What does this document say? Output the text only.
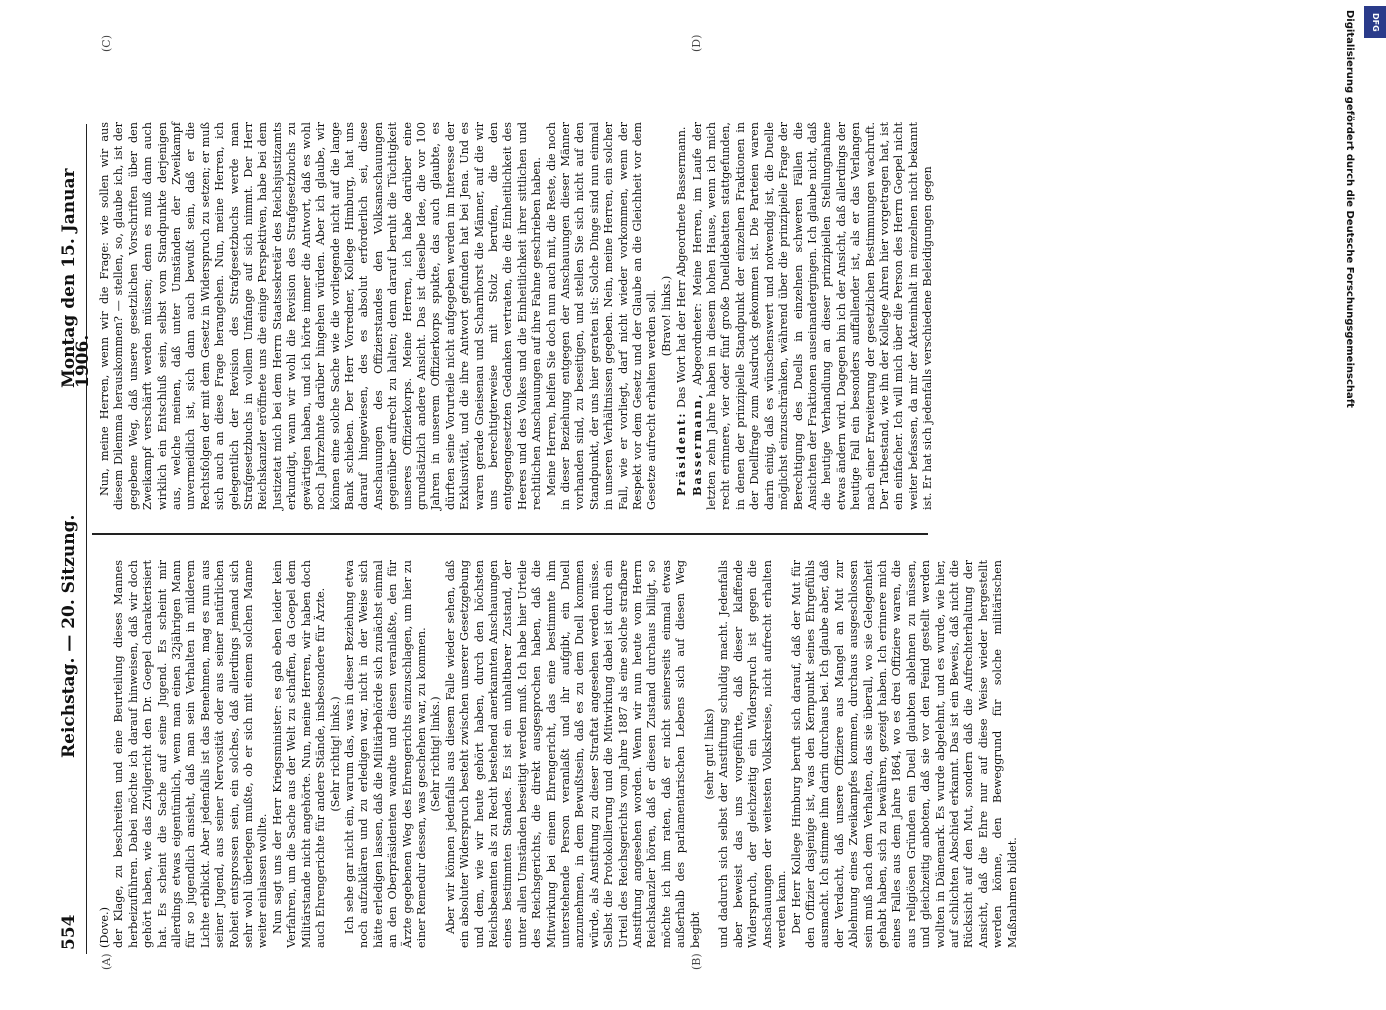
554
Reichstag. — 20. Sitzung.
Montag den 15. Januar 1906.
(A)	(B)
(C)	(D)

(Dove.) der Klage, zu beschreiten und eine Beurteilung dieses Mannes herbeizuführen. Dabei möchte ich darauf hinweisen, daß wir doch gehört haben, wie das Zivilgericht den Dr. Goepel charakterisiert hat. Es scheint die Sache auf seine Jugend. Es scheint mir allerdings etwas eigentümlich, wenn man einen 32jährigen Mann für so jugendlich ansieht, daß man sein Verhalten in milderem Lichte erblickt. Aber jedenfalls ist das Benehmen, mag es nun aus seiner Jugend, aus seiner Nervosität oder aus seiner natürlichen Roheit entsprossen sein, ein solches, daß allerdings jemand sich sehr wohl überlegen mußte, ob er sich mit einem solchen Manne weiter einlassen wollte. Nun sagt uns der Herr Kriegsminister: es gab eben leider kein Verfahren, um die Sache aus der Welt zu schaffen, da Goepel dem Militärstande nicht angehörte. Nun, meine Herren, wir haben doch auch Ehrengerichte für andere Stände, insbesondere für Ärzte. (Sehr richtig! links.) Ich sehe gar nicht ein, warum das, was in dieser Beziehung etwa noch aufzuklären und zu erledigen war, nicht in der Weise sich hätte erledigen lassen, daß die Militärbehörde sich zunächst einmal an den Oberpräsidenten wandte und diesen veranlaßte, den für Ärzte gegebenen Weg des Ehrengerichts einzuschlagen, um hier zu einer Remedur dessen, was geschehen war, zu kommen. (Sehr richtig! links.) Aber wir können jedenfalls aus diesem Falle wieder sehen, daß ein absoluter Widerspruch besteht zwischen unserer Gesetzgebung und dem, wie wir heute gehört haben, durch den höchsten Reichsbeamten als zu Recht bestehend anerkannten Anschauungen eines bestimmten Standes. Es ist ein unhaltbarer Zustand, der unter allen Umständen beseitigt werden muß. Ich habe hier Urteile des Reichsgerichts, die direkt ausgesprochen haben, daß die Mitwirkung bei einem Ehrengericht, das eine bestimmte ihm unterstehende Person veranlaßt und ihr aufgibt, ein Duell anzunehmen, in dem Bewußtsein, daß es zu dem Duell kommen würde, als Anstiftung zu dieser Straftat angesehen werden müsse. Selbst die Protokollierung und die Mitwirkung dabei ist durch ein Urteil des Reichsgerichts vom Jahre 1887 als eine solche strafbare Anstiftung angesehen worden. Wenn wir nun heute vom Herrn Reichskanzler hören, daß er diesen Zustand durchaus billigt, so möchte ich ihm raten, daß er nicht seinerseits einmal etwas außerhalb des parlamentarischen Lebens sich auf diesen Weg begibt

(sehr gut! links) und dadurch sich selbst der Anstiftung schuldig macht. Jedenfalls aber beweist das uns vorgeführte, daß dieser klaffende Widerspruch, der gleichzeitig ein Widerspruch ist gegen die Anschauungen der weitesten Volkskreise, nicht aufrecht erhalten werden kann. Der Herr Kollege Himburg beruft sich darauf, daß der Mut für den Offizier dasjenige ist, was den Kernpunkt seines Ehrgefühls ausmacht. Ich stimme ihm darin durchaus bei. Ich glaube aber, daß der Verdacht, daß unsere Offiziere aus Mangel an Mut zur Ablehnung eines Zweikampfes kommen, durchaus ausgeschlossen sein muß nach dem Verhalten, das sie überall, wo sie Gelegenheit gehabt haben, sich zu bewähren, gezeigt haben. Ich erinnere mich eines Falles aus dem Jahre 1864, wo es drei Offiziere waren, die aus religiösen Gründen ein Duell glaubten ablehnen zu müssen, und gleichzeitig anboten, daß sie vor den Feind gestellt werden wollten in Dänemark. Es wurde abgelehnt, und es wurde, wie hier, auf schlichten Abschied erkannt. Das ist ein Beweis, daß nicht die Rücksicht auf den Mut, sondern daß die Aufrechterhaltung der Ansicht, daß die Ehre nur auf diese Weise wieder hergestellt werden könne, den Beweggrund für solche militärischen Maßnahmen bildet.

Nun, meine Herren, wenn wir die Frage: wie sollen wir aus diesem Dilemma herauskommen? — stellen, so, glaube ich, ist der gegebene Weg, daß unsere gesetzlichen Vorschriften über den Zweikampf verschärft werden müssen; denn es muß dann auch wirklich ein Entschluß sein, selbst vom Standpunkte derjenigen aus, welche meinen, daß unter Umständen der Zweikampf unvermeidlich ist, sich dann auch bewußt sein, daß er die Rechtsfolgen der mit dem Gesetz in Widerspruch zu setzen; er muß sich auch an diese Frage herangehen. Nun, meine Herren, ich gelegentlich der Revision des Strafgesetzbuchs werde man Strafgesetzbuchs in vollem Umfange auf sich nimmt. Der Herr Reichskanzler eröffnete uns die einige Perspektiven, habe bei dem Justizetat mich bei dem Herrn Staatssekretär des Reichsjustizamts erkundigt, wann wir wohl die Revision des Strafgesetzbuchs zu gewärtigen haben, und ich hörte immer die Antwort, daß es wohl noch Jahrzehnte darüber hingehen würden. Aber ich glaube, wir können eine solche Sache wie die vorliegende nicht auf die lange Bank schieben. Der Herr Vorredner, Kollege Himburg, hat uns darauf hingewiesen, des es absolut erforderlich sei, diese Anschauungen des Offizierstandes den Volksanschauungen gegenüber aufrecht zu halten; denn darauf beruht die Tüchtigkeit unseres Offizierkorps. Meine Herren, ich habe darüber eine grundsätzlich andere Ansicht. Das ist dieselbe Idee, die vor 100 Jahren in unserem Offizierkorps spukte, das auch glaubte, es dürften seine Vorurteile nicht aufgegeben werden im Interesse der Exklusivität, und die ihre Antwort gefunden hat bei Jena. Und es waren gerade Gneisenau und Scharnhorst die Männer, auf die wir uns berechtigterweise mit Stolz berufen, die den entgegengesetzten Gedanken vertraten, die die Einheitlichkeit des Heeres und des Volkes und die Einheitlichkeit ihrer sittlichen und rechtlichen Anschauungen auf ihre Fahne geschrieben haben. Meine Herren, helfen Sie doch nun auch mit, die Reste, die noch in dieser Beziehung entgegen der Anschauungen dieser Männer vorhanden sind, zu beseitigen, und stellen Sie sich nicht auf den Standpunkt, der uns hier geraten ist: Solche Dinge sind nun einmal in unseren Verhältnissen gegeben. Nein, meine Herren, ein solcher Fall, wie er vorliegt, darf nicht wieder vorkommen, wenn der Respekt vor dem Gesetz und der Glaube an die Gleichheit vor dem Gesetze aufrecht erhalten werden soll. (Bravo! links.)

Präsident: Das Wort hat der Herr Abgeordnete Bassermann.

Bassermann, Abgeordneter: Meine Herren, im Laufe der letzten zehn Jahre haben in diesem hohen Hause, wenn ich mich recht erinnere, vier oder fünf große Duelldebatten stattgefunden, in denen der prinzipielle Standpunkt der einzelnen Fraktionen in der Duellfrage zum Ausdruck gekommen ist. Die Parteien waren darin einig, daß es wünschenswert und notwendig ist, die Duelle möglichst einzuschränken, während über die prinzipielle Frage der Berechtigung des Duells in einzelnen schweren Fällen die Ansichten der Fraktionen auseinandergingen. Ich glaube nicht, daß die heutige Verhandlung an dieser prinzipiellen Stellungnahme etwas ändern wird. Dagegen bin ich der Ansicht, daß allerdings der heutige Fall ein besonders auffallender ist, als er das Verlangen nach einer Erweiterung der gesetzlichen Bestimmungen wachruft. Der Tatbestand, wie ihn der Kollege Ahren hier vorgetragen hat, ist ein einfacher. Ich will mich über die Person des Herrn Goepel nicht weiter befassen, da mir der Akteninhalt im einzelnen nicht bekannt ist. Er hat sich jedenfalls verschiedene Beleidigungen gegen	Digitalisierung gefördert durch die Deutsche Forschungsgemeinschaft	DFG
